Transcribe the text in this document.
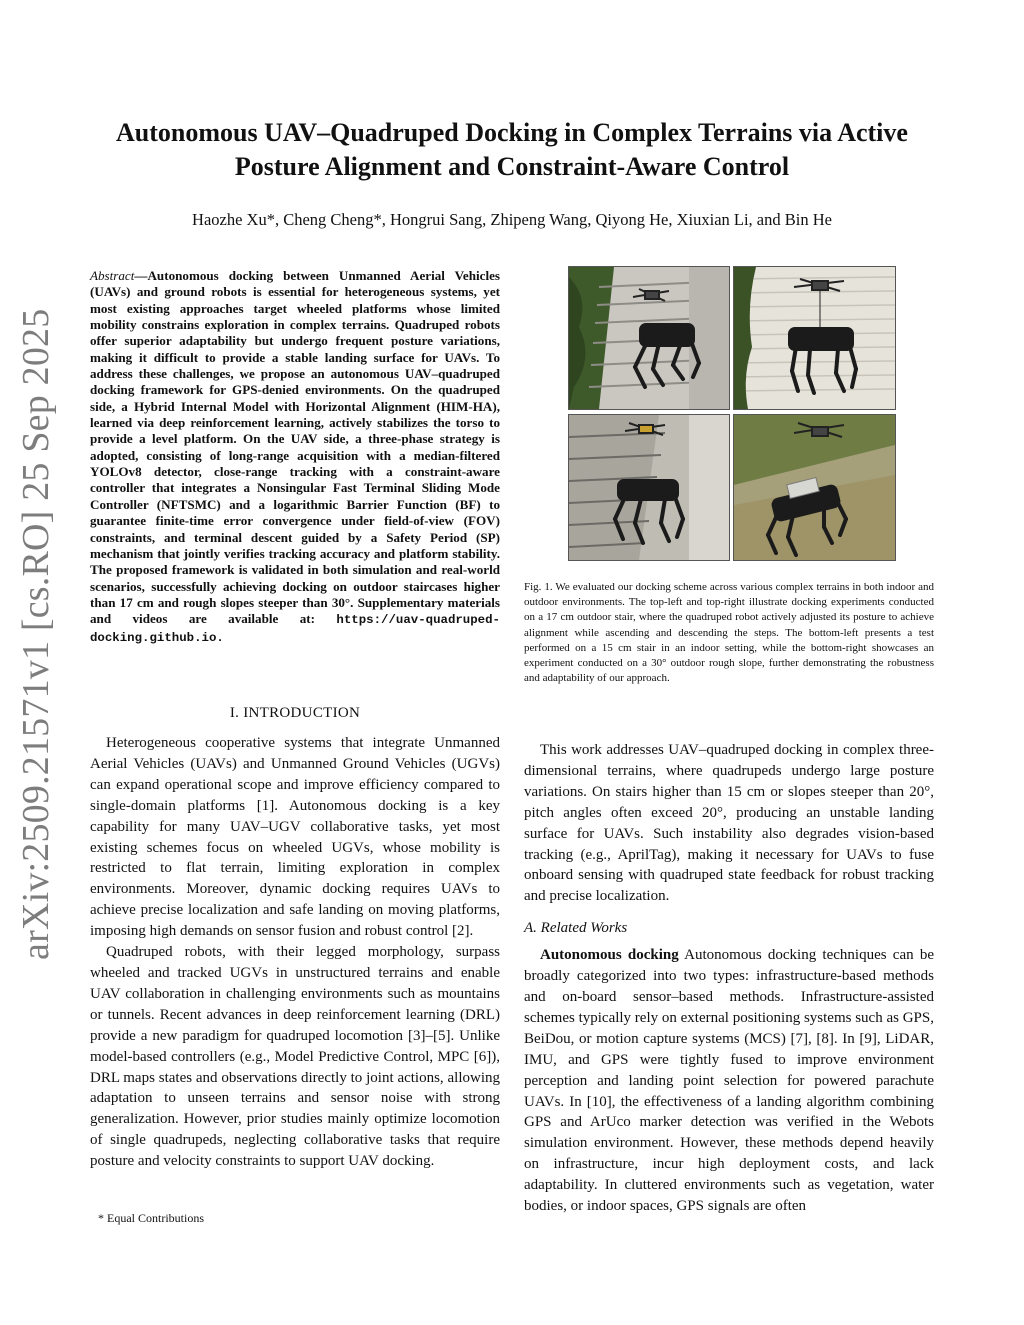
arXiv:2509.21571v1 [cs.RO] 25 Sep 2025
Autonomous UAV–Quadruped Docking in Complex Terrains via Active
Posture Alignment and Constraint-Aware Control
Haozhe Xu*, Cheng Cheng*, Hongrui Sang, Zhipeng Wang, Qiyong He, Xiuxian Li, and Bin He
Abstract—Autonomous docking between Unmanned Aerial Vehicles (UAVs) and ground robots is essential for heterogeneous systems, yet most existing approaches target wheeled platforms whose limited mobility constrains exploration in complex terrains. Quadruped robots offer superior adaptability but undergo frequent posture variations, making it difficult to provide a stable landing surface for UAVs. To address these challenges, we propose an autonomous UAV–quadruped docking framework for GPS-denied environments. On the quadruped side, a Hybrid Internal Model with Horizontal Alignment (HIM-HA), learned via deep reinforcement learning, actively stabilizes the torso to provide a level platform. On the UAV side, a three-phase strategy is adopted, consisting of long-range acquisition with a median-filtered YOLOv8 detector, close-range tracking with a constraint-aware controller that integrates a Nonsingular Fast Terminal Sliding Mode Controller (NFTSMC) and a logarithmic Barrier Function (BF) to guarantee finite-time error convergence under field-of-view (FOV) constraints, and terminal descent guided by a Safety Period (SP) mechanism that jointly verifies tracking accuracy and platform stability. The proposed framework is validated in both simulation and real-world scenarios, successfully achieving docking on outdoor staircases higher than 17 cm and rough slopes steeper than 30°. Supplementary materials and videos are available at: https://uav-quadruped-docking.github.io.
I. INTRODUCTION

Heterogeneous cooperative systems that integrate Unmanned Aerial Vehicles (UAVs) and Unmanned Ground Vehicles (UGVs) can expand operational scope and improve efficiency compared to single-domain platforms [1]. Autonomous docking is a key capability for many UAV–UGV collaborative tasks, yet most existing schemes focus on wheeled UGVs, whose mobility is restricted to flat terrain, limiting exploration in complex environments. Moreover, dynamic docking requires UAVs to achieve precise localization and safe landing on moving platforms, imposing high demands on sensor fusion and robust control [2].

Quadruped robots, with their legged morphology, surpass wheeled and tracked UGVs in unstructured terrains and enable UAV collaboration in challenging environments such as mountains or tunnels. Recent advances in deep reinforcement learning (DRL) provide a new paradigm for quadruped locomotion [3]–[5]. Unlike model-based controllers (e.g., Model Predictive Control, MPC [6]), DRL maps states and observations directly to joint actions, allowing adaptation to unseen terrains and sensor noise with strong generalization. However, prior studies mainly optimize locomotion of single quadrupeds, neglecting collaborative tasks that require posture and velocity constraints to support UAV docking.

* Equal Contributions
Fig. 1. We evaluated our docking scheme across various complex terrains in both indoor and outdoor environments. The top-left and top-right illustrate docking experiments conducted on a 17 cm outdoor stair, where the quadruped robot actively adjusted its posture to achieve alignment while ascending and descending the steps. The bottom-left presents a test performed on a 15 cm stair in an indoor setting, while the bottom-right showcases an experiment conducted on a 30° outdoor rough slope, further demonstrating the robustness and adaptability of our approach.

This work addresses UAV–quadruped docking in complex three-dimensional terrains, where quadrupeds undergo large posture variations. On stairs higher than 15 cm or slopes steeper than 20°, pitch angles often exceed 20°, producing an unstable landing surface for UAVs. Such instability also degrades vision-based tracking (e.g., AprilTag), making it necessary for UAVs to fuse onboard sensing with quadruped state feedback for robust tracking and precise localization.

A. Related Works

Autonomous docking Autonomous docking techniques can be broadly categorized into two types: infrastructure-based methods and on-board sensor–based methods. Infrastructure-assisted schemes typically rely on external positioning systems such as GPS, BeiDou, or motion capture systems (MCS) [7], [8]. In [9], LiDAR, IMU, and GPS were tightly fused to improve environment perception and landing point selection for powered parachute UAVs. In [10], the effectiveness of a landing algorithm combining GPS and ArUco marker detection was verified in the Webots simulation environment. However, these methods depend heavily on infrastructure, incur high deployment costs, and lack adaptability. In cluttered environments such as vegetation, water bodies, or indoor spaces, GPS signals are often
